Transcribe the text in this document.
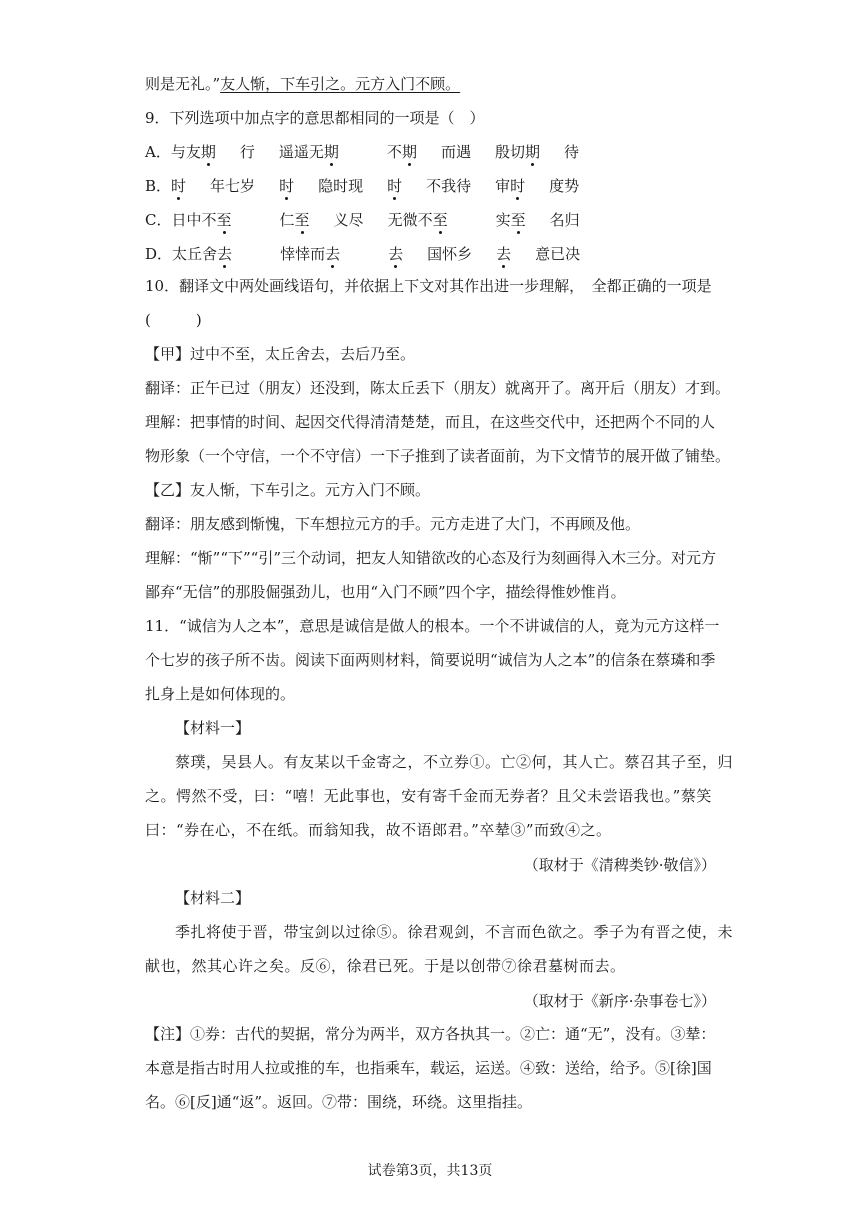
则是无礼。”友人惭，下车引之。元方入门不顾。
9．下列选项中加点字的意思都相同的一项是（　）
A．与友期 行 遥遥无期	不期 而遇 殷切期 待
B．时 年七岁 时 隐时现 时 不我待 审时 度势
C．日中不至	仁至 义尽 无微不至	实至 名归
D．太丘舍去	悻悻而去	去 国怀乡 去 意已决
10．翻译文中两处画线语句，并依据上下文对其作出进一步理解，　全都正确的一项是
(　　　)
【甲】过中不至，太丘舍去，去后乃至。
翻译：正午已过（朋友）还没到，陈太丘丢下（朋友）就离开了。离开后（朋友）才到。
理解：把事情的时间、起因交代得清清楚楚，而且，在这些交代中，还把两个不同的人
物形象（一个守信，一个不守信）一下子推到了读者面前，为下文情节的展开做了铺垫。
【乙】友人惭，下车引之。元方入门不顾。
翻译：朋友感到惭愧，下车想拉元方的手。元方走进了大门，不再顾及他。
理解：“惭”“下”“引”三个动词，把友人知错欲改的心态及行为刻画得入木三分。对元方
鄙弃“无信”的那股倔强劲儿，也用“入门不顾”四个字，描绘得惟妙惟肖。
11．“诚信为人之本”，意思是诚信是做人的根本。一个不讲诚信的人，竟为元方这样一
个七岁的孩子所不齿。阅读下面两则材料，简要说明“诚信为人之本”的信条在蔡璘和季
扎身上是如何体现的。
【材料一】
蔡璞，吴县人。有友某以千金寄之，不立券①。亡②何，其人亡。蔡召其子至，归
之。愕然不受，曰：“嘻！无此事也，安有寄千金而无券者？且父未尝语我也。”蔡笑
曰：“券在心，不在纸。而翁知我，故不语郎君。”卒辇③”而致④之。
（取材于《清稗类钞·敬信》）
【材料二】
季扎将使于晋，带宝剑以过徐⑤。徐君观剑，不言而色欲之。季子为有晋之使，未
献也，然其心许之矣。反⑥，徐君已死。于是以创带⑦徐君墓树而去。
（取材于《新序·杂事卷七》）
【注】①券：古代的契据，常分为两半，双方各执其一。②亡：通“无”，没有。③辇：
本意是指古时用人拉或推的车，也指乘车，载运，运送。④致：送给，给予。⑤[徐]国
名。⑥[反]通“返”。返回。⑦带：围绕，环绕。这里指挂。
试卷第3页，共13页
